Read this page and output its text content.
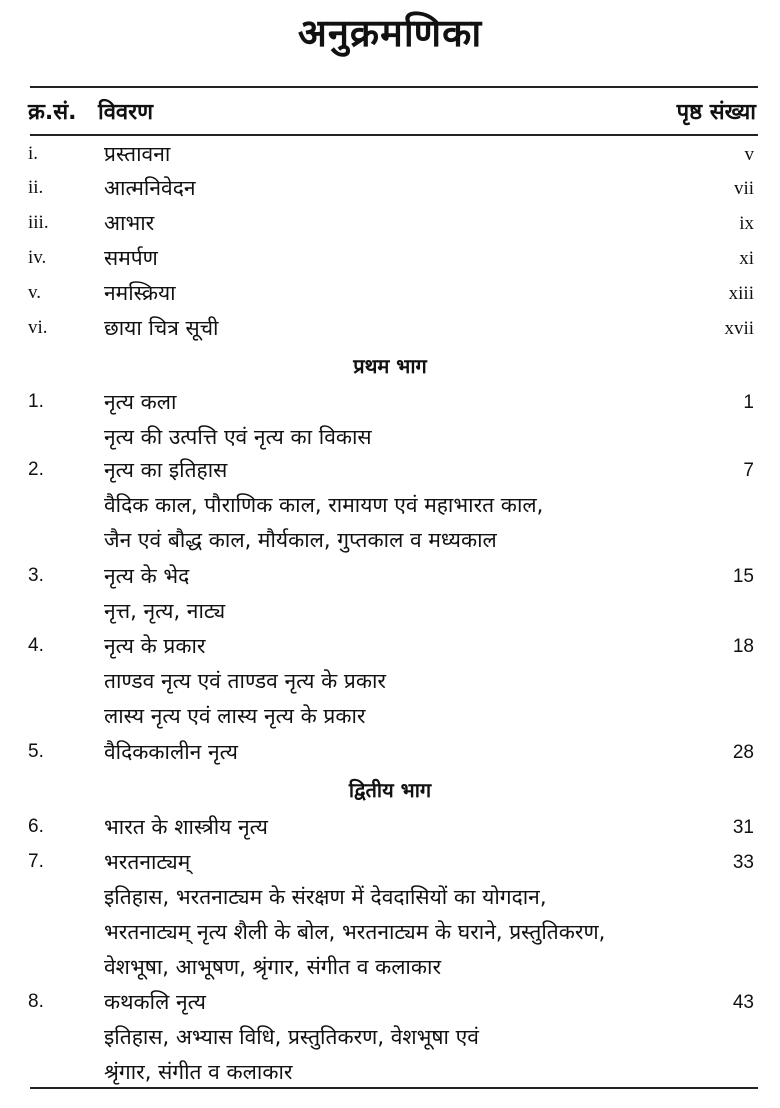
अनुक्रमणिका
क्र.सं. विवरण	पृष्ठ संख्या
i.	प्रस्तावना	v
ii.	आत्मनिवेदन	vii
iii.	आभार	ix
iv.	समर्पण	xi
v.	नमस्क्रिया	xiii
vi.	छाया चित्र सूची	xvii
प्रथम भाग
1.	नृत्य कला	1
नृत्य की उत्पत्ति एवं नृत्य का विकास
2.	नृत्य का इतिहास	7
वैदिक काल, पौराणिक काल, रामायण एवं महाभारत काल,
जैन एवं बौद्ध काल, मौर्यकाल, गुप्तकाल व मध्यकाल
3.	नृत्य के भेद	15
नृत्त, नृत्य, नाट्य
4.	नृत्य के प्रकार	18
ताण्डव नृत्य एवं ताण्डव नृत्य के प्रकार
लास्य नृत्य एवं लास्य नृत्य के प्रकार
5.	वैदिककालीन नृत्य	28
द्वितीय भाग
6.	भारत के शास्त्रीय नृत्य	31
7.	भरतनाट्यम्	33
इतिहास, भरतनाट्यम के संरक्षण में देवदासियों का योगदान,
भरतनाट्यम् नृत्य शैली के बोल, भरतनाट्यम के घराने, प्रस्तुतिकरण,
वेशभूषा, आभूषण, श्रृंगार, संगीत व कलाकार
8.	कथकलि नृत्य	43
इतिहास, अभ्यास विधि, प्रस्तुतिकरण, वेशभूषा एवं
श्रृंगार, संगीत व कलाकार
